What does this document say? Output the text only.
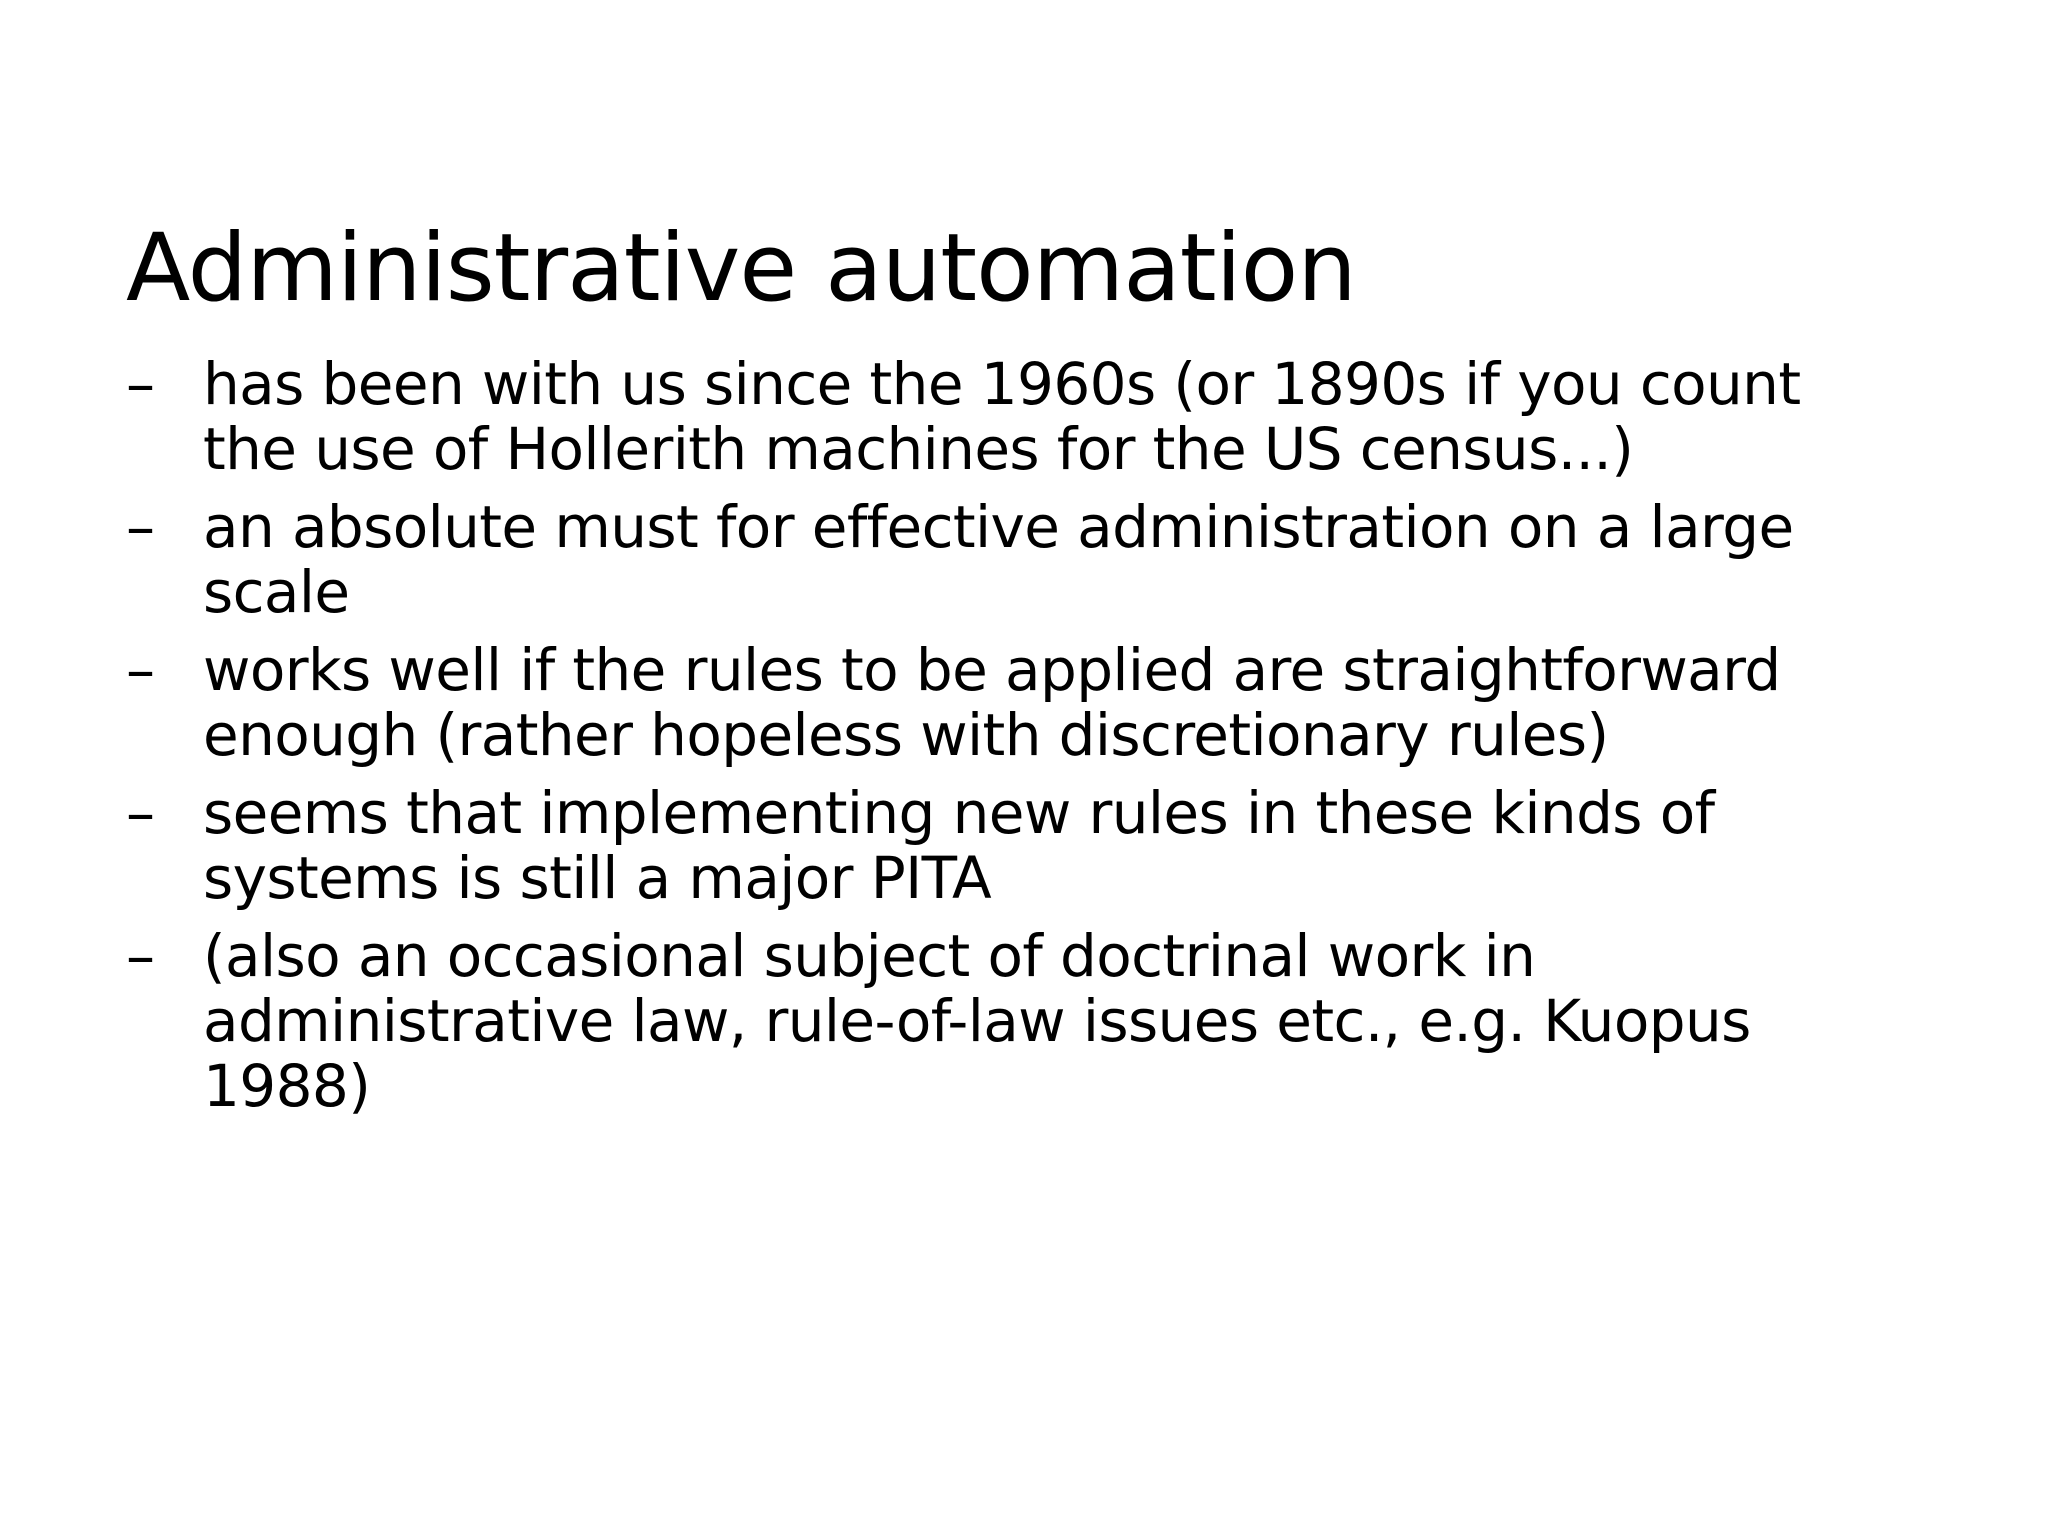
Administrative automation
– has been with us since the 1960s (or 1890s if you count
the use of Hollerith machines for the US census...)
– an absolute must for effective administration on a large
scale
– works well if the rules to be applied are straightforward
enough (rather hopeless with discretionary rules)
– seems that implementing new rules in these kinds of
systems is still a major PITA
– (also an occasional subject of doctrinal work in
administrative law, rule-of-law issues etc., e.g. Kuopus
1988)
